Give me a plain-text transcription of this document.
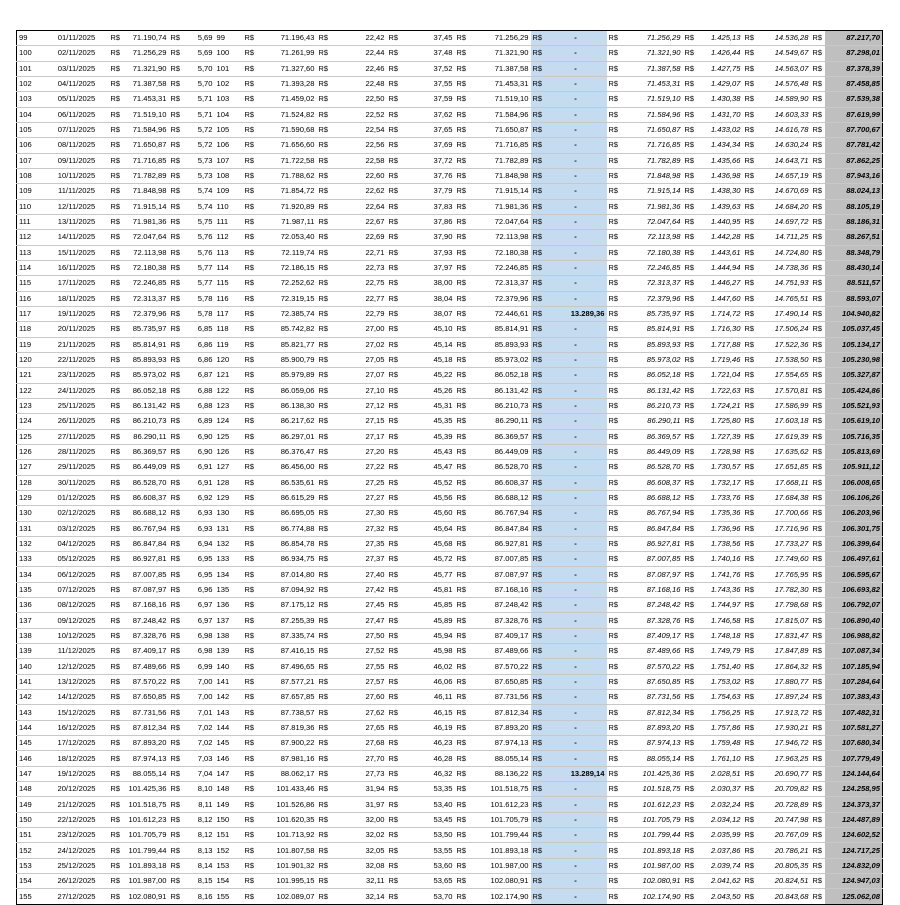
99	01/11/2025	R$	71.190,74	R$	5,69	99	R$	71.196,43	R$	22,42	R$	37,45	R$	71.256,29	R$	-	R$	71.256,29	R$	1.425,13	R$	14.536,28	R$	87.217,70
100	02/11/2025	R$	71.256,29	R$	5,69	100	R$	71.261,99	R$	22,44	R$	37,48	R$	71.321,90	R$	-	R$	71.321,90	R$	1.426,44	R$	14.549,67	R$	87.298,01
101	03/11/2025	R$	71.321,90	R$	5,70	101	R$	71.327,60	R$	22,46	R$	37,52	R$	71.387,58	R$	-	R$	71.387,58	R$	1.427,75	R$	14.563,07	R$	87.378,39
102	04/11/2025	R$	71.387,58	R$	5,70	102	R$	71.393,28	R$	22,48	R$	37,55	R$	71.453,31	R$	-	R$	71.453,31	R$	1.429,07	R$	14.576,48	R$	87.458,85
103	05/11/2025	R$	71.453,31	R$	5,71	103	R$	71.459,02	R$	22,50	R$	37,59	R$	71.519,10	R$	-	R$	71.519,10	R$	1.430,38	R$	14.589,90	R$	87.539,38
104	06/11/2025	R$	71.519,10	R$	5,71	104	R$	71.524,82	R$	22,52	R$	37,62	R$	71.584,96	R$	-	R$	71.584,96	R$	1.431,70	R$	14.603,33	R$	87.619,99
105	07/11/2025	R$	71.584,96	R$	5,72	105	R$	71.590,68	R$	22,54	R$	37,65	R$	71.650,87	R$	-	R$	71.650,87	R$	1.433,02	R$	14.616,78	R$	87.700,67
106	08/11/2025	R$	71.650,87	R$	5,72	106	R$	71.656,60	R$	22,56	R$	37,69	R$	71.716,85	R$	-	R$	71.716,85	R$	1.434,34	R$	14.630,24	R$	87.781,42
107	09/11/2025	R$	71.716,85	R$	5,73	107	R$	71.722,58	R$	22,58	R$	37,72	R$	71.782,89	R$	-	R$	71.782,89	R$	1.435,66	R$	14.643,71	R$	87.862,25
108	10/11/2025	R$	71.782,89	R$	5,73	108	R$	71.788,62	R$	22,60	R$	37,76	R$	71.848,98	R$	-	R$	71.848,98	R$	1.436,98	R$	14.657,19	R$	87.943,16
109	11/11/2025	R$	71.848,98	R$	5,74	109	R$	71.854,72	R$	22,62	R$	37,79	R$	71.915,14	R$	-	R$	71.915,14	R$	1.438,30	R$	14.670,69	R$	88.024,13
110	12/11/2025	R$	71.915,14	R$	5,74	110	R$	71.920,89	R$	22,64	R$	37,83	R$	71.981,36	R$	-	R$	71.981,36	R$	1.439,63	R$	14.684,20	R$	88.105,19
111	13/11/2025	R$	71.981,36	R$	5,75	111	R$	71.987,11	R$	22,67	R$	37,86	R$	72.047,64	R$	-	R$	72.047,64	R$	1.440,95	R$	14.697,72	R$	88.186,31
112	14/11/2025	R$	72.047,64	R$	5,76	112	R$	72.053,40	R$	22,69	R$	37,90	R$	72.113,98	R$	-	R$	72.113,98	R$	1.442,28	R$	14.711,25	R$	88.267,51
113	15/11/2025	R$	72.113,98	R$	5,76	113	R$	72.119,74	R$	22,71	R$	37,93	R$	72.180,38	R$	-	R$	72.180,38	R$	1.443,61	R$	14.724,80	R$	88.348,79
114	16/11/2025	R$	72.180,38	R$	5,77	114	R$	72.186,15	R$	22,73	R$	37,97	R$	72.246,85	R$	-	R$	72.246,85	R$	1.444,94	R$	14.738,36	R$	88.430,14
115	17/11/2025	R$	72.246,85	R$	5,77	115	R$	72.252,62	R$	22,75	R$	38,00	R$	72.313,37	R$	-	R$	72.313,37	R$	1.446,27	R$	14.751,93	R$	88.511,57
116	18/11/2025	R$	72.313,37	R$	5,78	116	R$	72.319,15	R$	22,77	R$	38,04	R$	72.379,96	R$	-	R$	72.379,96	R$	1.447,60	R$	14.765,51	R$	88.593,07
117	19/11/2025	R$	72.379,96	R$	5,78	117	R$	72.385,74	R$	22,79	R$	38,07	R$	72.446,61	R$	13.289,36	R$	85.735,97	R$	1.714,72	R$	17.490,14	R$	104.940,82
118	20/11/2025	R$	85.735,97	R$	6,85	118	R$	85.742,82	R$	27,00	R$	45,10	R$	85.814,91	R$	-	R$	85.814,91	R$	1.716,30	R$	17.506,24	R$	105.037,45
119	21/11/2025	R$	85.814,91	R$	6,86	119	R$	85.821,77	R$	27,02	R$	45,14	R$	85.893,93	R$	-	R$	85.893,93	R$	1.717,88	R$	17.522,36	R$	105.134,17
120	22/11/2025	R$	85.893,93	R$	6,86	120	R$	85.900,79	R$	27,05	R$	45,18	R$	85.973,02	R$	-	R$	85.973,02	R$	1.719,46	R$	17.538,50	R$	105.230,98
121	23/11/2025	R$	85.973,02	R$	6,87	121	R$	85.979,89	R$	27,07	R$	45,22	R$	86.052,18	R$	-	R$	86.052,18	R$	1.721,04	R$	17.554,65	R$	105.327,87
122	24/11/2025	R$	86.052,18	R$	6,88	122	R$	86.059,06	R$	27,10	R$	45,26	R$	86.131,42	R$	-	R$	86.131,42	R$	1.722,63	R$	17.570,81	R$	105.424,86
123	25/11/2025	R$	86.131,42	R$	6,88	123	R$	86.138,30	R$	27,12	R$	45,31	R$	86.210,73	R$	-	R$	86.210,73	R$	1.724,21	R$	17.586,99	R$	105.521,93
124	26/11/2025	R$	86.210,73	R$	6,89	124	R$	86.217,62	R$	27,15	R$	45,35	R$	86.290,11	R$	-	R$	86.290,11	R$	1.725,80	R$	17.603,18	R$	105.619,10
125	27/11/2025	R$	86.290,11	R$	6,90	125	R$	86.297,01	R$	27,17	R$	45,39	R$	86.369,57	R$	-	R$	86.369,57	R$	1.727,39	R$	17.619,39	R$	105.716,35
126	28/11/2025	R$	86.369,57	R$	6,90	126	R$	86.376,47	R$	27,20	R$	45,43	R$	86.449,09	R$	-	R$	86.449,09	R$	1.728,98	R$	17.635,62	R$	105.813,69
127	29/11/2025	R$	86.449,09	R$	6,91	127	R$	86.456,00	R$	27,22	R$	45,47	R$	86.528,70	R$	-	R$	86.528,70	R$	1.730,57	R$	17.651,85	R$	105.911,12
128	30/11/2025	R$	86.528,70	R$	6,91	128	R$	86.535,61	R$	27,25	R$	45,52	R$	86.608,37	R$	-	R$	86.608,37	R$	1.732,17	R$	17.668,11	R$	106.008,65
129	01/12/2025	R$	86.608,37	R$	6,92	129	R$	86.615,29	R$	27,27	R$	45,56	R$	86.688,12	R$	-	R$	86.688,12	R$	1.733,76	R$	17.684,38	R$	106.106,26
130	02/12/2025	R$	86.688,12	R$	6,93	130	R$	86.695,05	R$	27,30	R$	45,60	R$	86.767,94	R$	-	R$	86.767,94	R$	1.735,36	R$	17.700,66	R$	106.203,96
131	03/12/2025	R$	86.767,94	R$	6,93	131	R$	86.774,88	R$	27,32	R$	45,64	R$	86.847,84	R$	-	R$	86.847,84	R$	1.736,96	R$	17.716,96	R$	106.301,75
132	04/12/2025	R$	86.847,84	R$	6,94	132	R$	86.854,78	R$	27,35	R$	45,68	R$	86.927,81	R$	-	R$	86.927,81	R$	1.738,56	R$	17.733,27	R$	106.399,64
133	05/12/2025	R$	86.927,81	R$	6,95	133	R$	86.934,75	R$	27,37	R$	45,72	R$	87.007,85	R$	-	R$	87.007,85	R$	1.740,16	R$	17.749,60	R$	106.497,61
134	06/12/2025	R$	87.007,85	R$	6,95	134	R$	87.014,80	R$	27,40	R$	45,77	R$	87.087,97	R$	-	R$	87.087,97	R$	1.741,76	R$	17.765,95	R$	106.595,67
135	07/12/2025	R$	87.087,97	R$	6,96	135	R$	87.094,92	R$	27,42	R$	45,81	R$	87.168,16	R$	-	R$	87.168,16	R$	1.743,36	R$	17.782,30	R$	106.693,82
136	08/12/2025	R$	87.168,16	R$	6,97	136	R$	87.175,12	R$	27,45	R$	45,85	R$	87.248,42	R$	-	R$	87.248,42	R$	1.744,97	R$	17.798,68	R$	106.792,07
137	09/12/2025	R$	87.248,42	R$	6,97	137	R$	87.255,39	R$	27,47	R$	45,89	R$	87.328,76	R$	-	R$	87.328,76	R$	1.746,58	R$	17.815,07	R$	106.890,40
138	10/12/2025	R$	87.328,76	R$	6,98	138	R$	87.335,74	R$	27,50	R$	45,94	R$	87.409,17	R$	-	R$	87.409,17	R$	1.748,18	R$	17.831,47	R$	106.988,82
139	11/12/2025	R$	87.409,17	R$	6,98	139	R$	87.416,15	R$	27,52	R$	45,98	R$	87.489,66	R$	-	R$	87.489,66	R$	1.749,79	R$	17.847,89	R$	107.087,34
140	12/12/2025	R$	87.489,66	R$	6,99	140	R$	87.496,65	R$	27,55	R$	46,02	R$	87.570,22	R$	-	R$	87.570,22	R$	1.751,40	R$	17.864,32	R$	107.185,94
141	13/12/2025	R$	87.570,22	R$	7,00	141	R$	87.577,21	R$	27,57	R$	46,06	R$	87.650,85	R$	-	R$	87.650,85	R$	1.753,02	R$	17.880,77	R$	107.284,64
142	14/12/2025	R$	87.650,85	R$	7,00	142	R$	87.657,85	R$	27,60	R$	46,11	R$	87.731,56	R$	-	R$	87.731,56	R$	1.754,63	R$	17.897,24	R$	107.383,43
143	15/12/2025	R$	87.731,56	R$	7,01	143	R$	87.738,57	R$	27,62	R$	46,15	R$	87.812,34	R$	-	R$	87.812,34	R$	1.756,25	R$	17.913,72	R$	107.482,31
144	16/12/2025	R$	87.812,34	R$	7,02	144	R$	87.819,36	R$	27,65	R$	46,19	R$	87.893,20	R$	-	R$	87.893,20	R$	1.757,86	R$	17.930,21	R$	107.581,27
145	17/12/2025	R$	87.893,20	R$	7,02	145	R$	87.900,22	R$	27,68	R$	46,23	R$	87.974,13	R$	-	R$	87.974,13	R$	1.759,48	R$	17.946,72	R$	107.680,34
146	18/12/2025	R$	87.974,13	R$	7,03	146	R$	87.981,16	R$	27,70	R$	46,28	R$	88.055,14	R$	-	R$	88.055,14	R$	1.761,10	R$	17.963,25	R$	107.779,49
147	19/12/2025	R$	88.055,14	R$	7,04	147	R$	88.062,17	R$	27,73	R$	46,32	R$	88.136,22	R$	13.289,14	R$	101.425,36	R$	2.028,51	R$	20.690,77	R$	124.144,64
148	20/12/2025	R$	101.425,36	R$	8,10	148	R$	101.433,46	R$	31,94	R$	53,35	R$	101.518,75	R$	-	R$	101.518,75	R$	2.030,37	R$	20.709,82	R$	124.258,95
149	21/12/2025	R$	101.518,75	R$	8,11	149	R$	101.526,86	R$	31,97	R$	53,40	R$	101.612,23	R$	-	R$	101.612,23	R$	2.032,24	R$	20.728,89	R$	124.373,37
150	22/12/2025	R$	101.612,23	R$	8,12	150	R$	101.620,35	R$	32,00	R$	53,45	R$	101.705,79	R$	-	R$	101.705,79	R$	2.034,12	R$	20.747,98	R$	124.487,89
151	23/12/2025	R$	101.705,79	R$	8,12	151	R$	101.713,92	R$	32,02	R$	53,50	R$	101.799,44	R$	-	R$	101.799,44	R$	2.035,99	R$	20.767,09	R$	124.602,52
152	24/12/2025	R$	101.799,44	R$	8,13	152	R$	101.807,58	R$	32,05	R$	53,55	R$	101.893,18	R$	-	R$	101.893,18	R$	2.037,86	R$	20.786,21	R$	124.717,25
153	25/12/2025	R$	101.893,18	R$	8,14	153	R$	101.901,32	R$	32,08	R$	53,60	R$	101.987,00	R$	-	R$	101.987,00	R$	2.039,74	R$	20.805,35	R$	124.832,09
154	26/12/2025	R$	101.987,00	R$	8,15	154	R$	101.995,15	R$	32,11	R$	53,65	R$	102.080,91	R$	-	R$	102.080,91	R$	2.041,62	R$	20.824,51	R$	124.947,03
155	27/12/2025	R$	102.080,91	R$	8,16	155	R$	102.089,07	R$	32,14	R$	53,70	R$	102.174,90	R$	-	R$	102.174,90	R$	2.043,50	R$	20.843,68	R$	125.062,08
